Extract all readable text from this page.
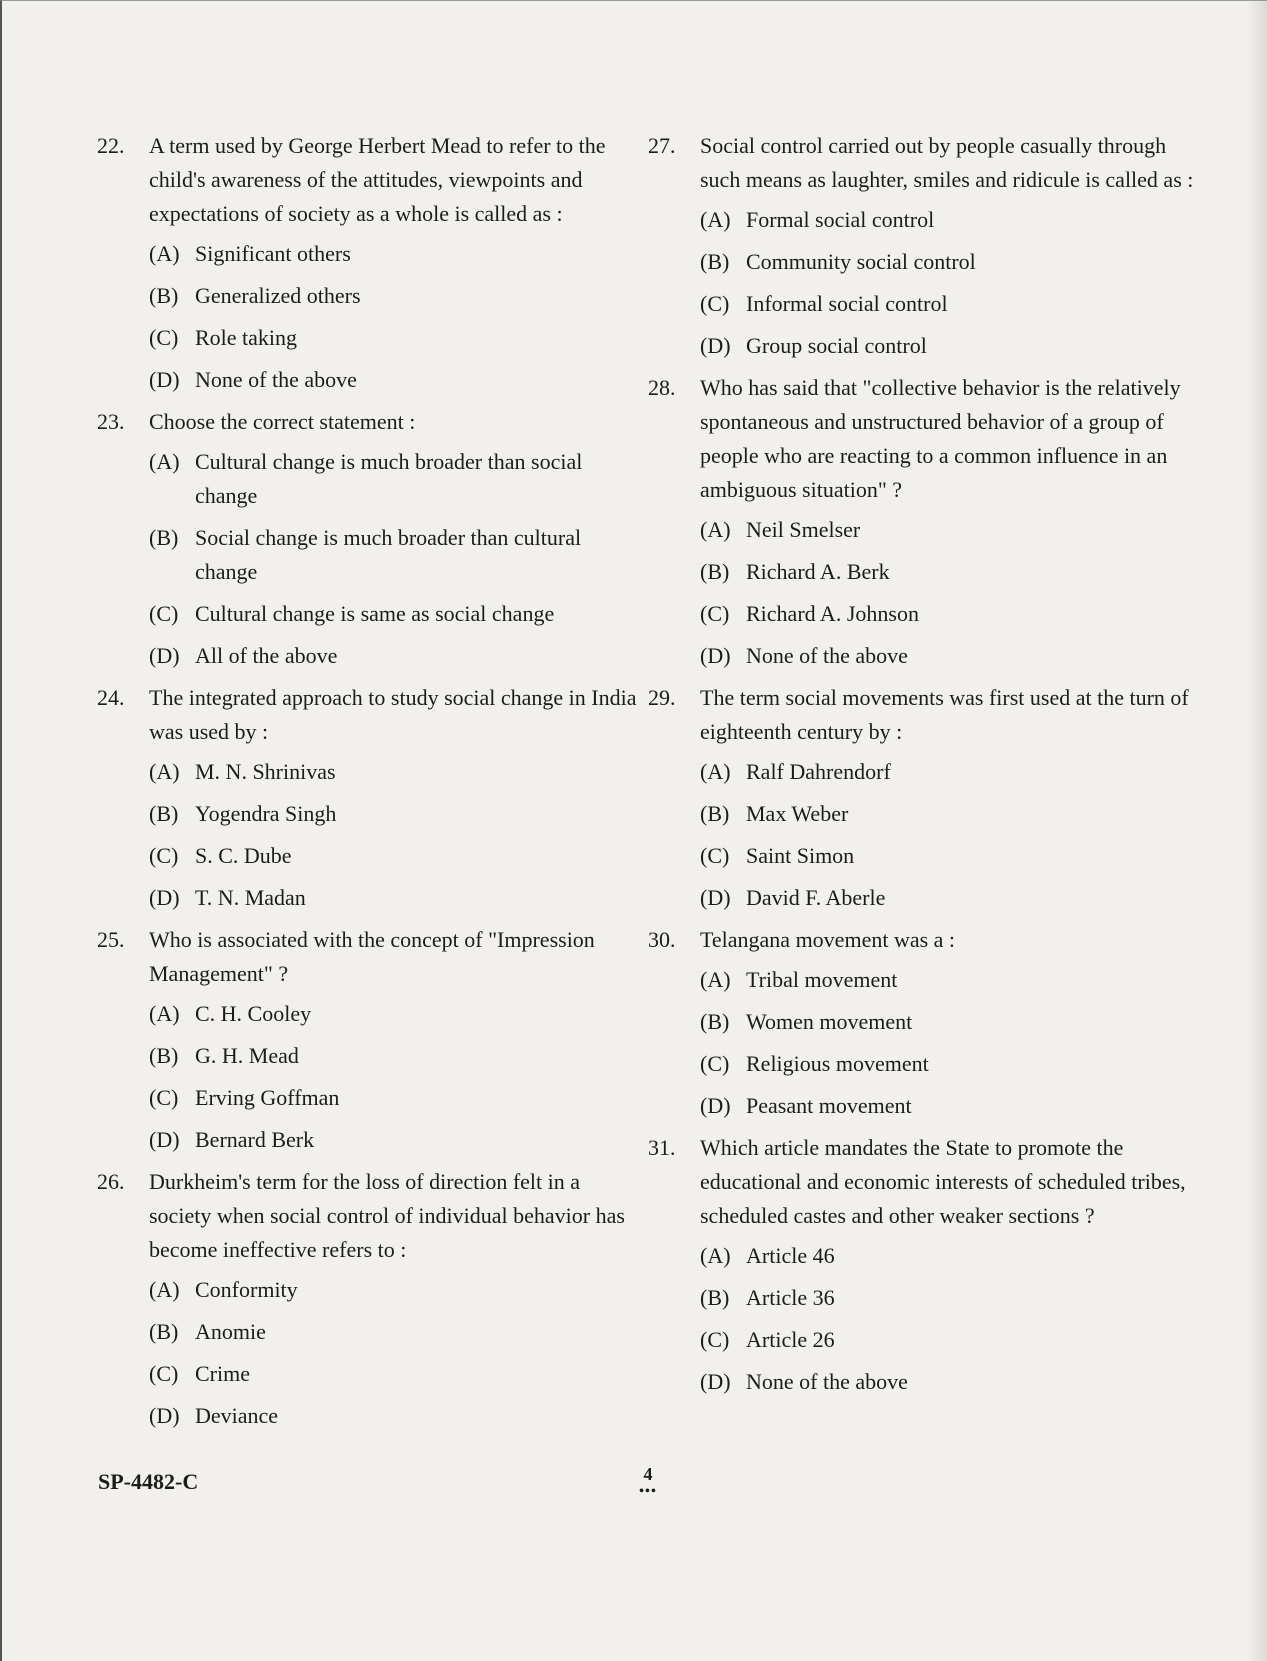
22. A term used by George Herbert Mead to refer to the child's awareness of the attitudes, viewpoints and expectations of society as a whole is called as :

(A) Significant others
(B) Generalized others
(C) Role taking
(D) None of the above
23. Choose the correct statement :

(A) Cultural change is much broader than social change
(B) Social change is much broader than cultural change
(C) Cultural change is same as social change
(D) All of the above
24. The integrated approach to study social change in India was used by :

(A) M. N. Shrinivas
(B) Yogendra Singh
(C) S. C. Dube
(D) T. N. Madan
25. Who is associated with the concept of "Impression Management" ?

(A) C. H. Cooley
(B) G. H. Mead
(C) Erving Goffman
(D) Bernard Berk
26. Durkheim's term for the loss of direction felt in a society when social control of individual behavior has become ineffective refers to :

(A) Conformity
(B) Anomie
(C) Crime
(D) Deviance
27. Social control carried out by people casually through such means as laughter, smiles and ridicule is called as :

(A) Formal social control
(B) Community social control
(C) Informal social control
(D) Group social control
28. Who has said that "collective behavior is the relatively spontaneous and unstructured behavior of a group of people who are reacting to a common influence in an ambiguous situation" ?

(A) Neil Smelser
(B) Richard A. Berk
(C) Richard A. Johnson
(D) None of the above
29. The term social movements was first used at the turn of eighteenth century by :

(A) Ralf Dahrendorf
(B) Max Weber
(C) Saint Simon
(D) David F. Aberle
30. Telangana movement was a :

(A) Tribal movement
(B) Women movement
(C) Religious movement
(D) Peasant movement
31. Which article mandates the State to promote the educational and economic interests of scheduled tribes, scheduled castes and other weaker sections ?

(A) Article 46
(B) Article 36
(C) Article 26
(D) None of the above
SP-4482-C	4
•••
